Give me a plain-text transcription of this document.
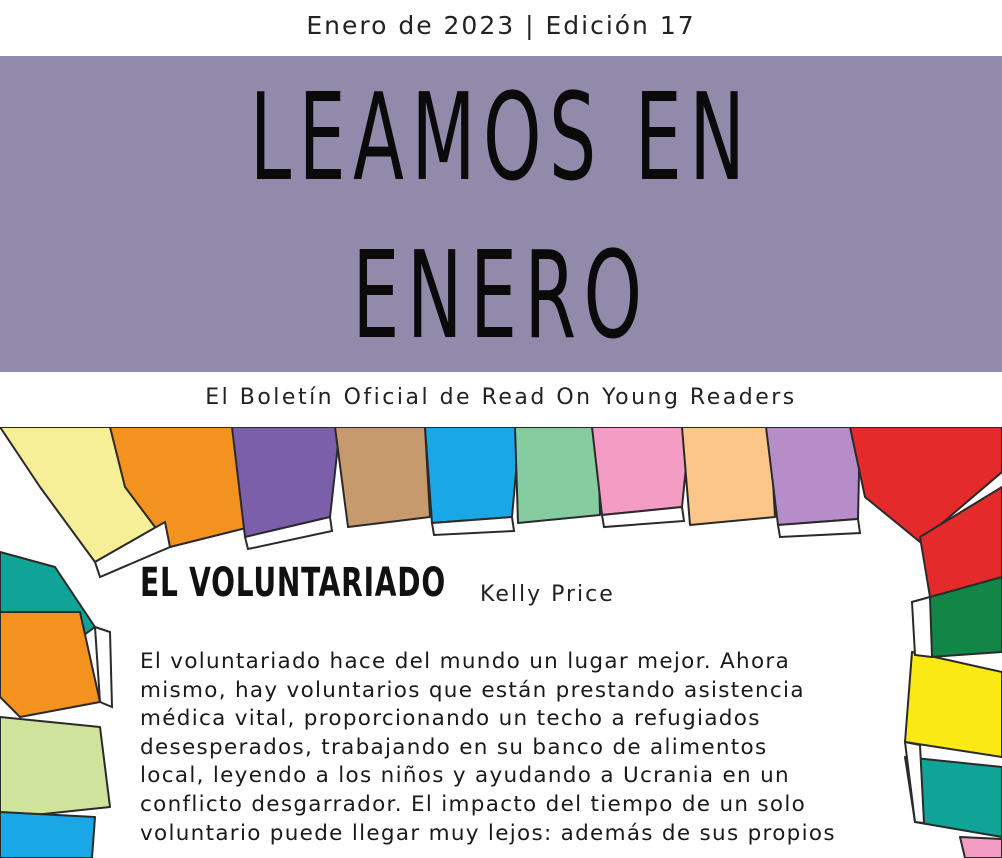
Enero de 2023 | Edición 17
LEAMOS EN
ENERO
El Boletín Oficial de Read On Young Readers
EL VOLUNTARIADO Kelly Price
El voluntariado hace del mundo un lugar mejor. Ahora
mismo, hay voluntarios que están prestando asistencia
médica vital, proporcionando un techo a refugiados
desesperados, trabajando en su banco de alimentos
local, leyendo a los niños y ayudando a Ucrania en un
conflicto desgarrador. El impacto del tiempo de un solo
voluntario puede llegar muy lejos: además de sus propios
